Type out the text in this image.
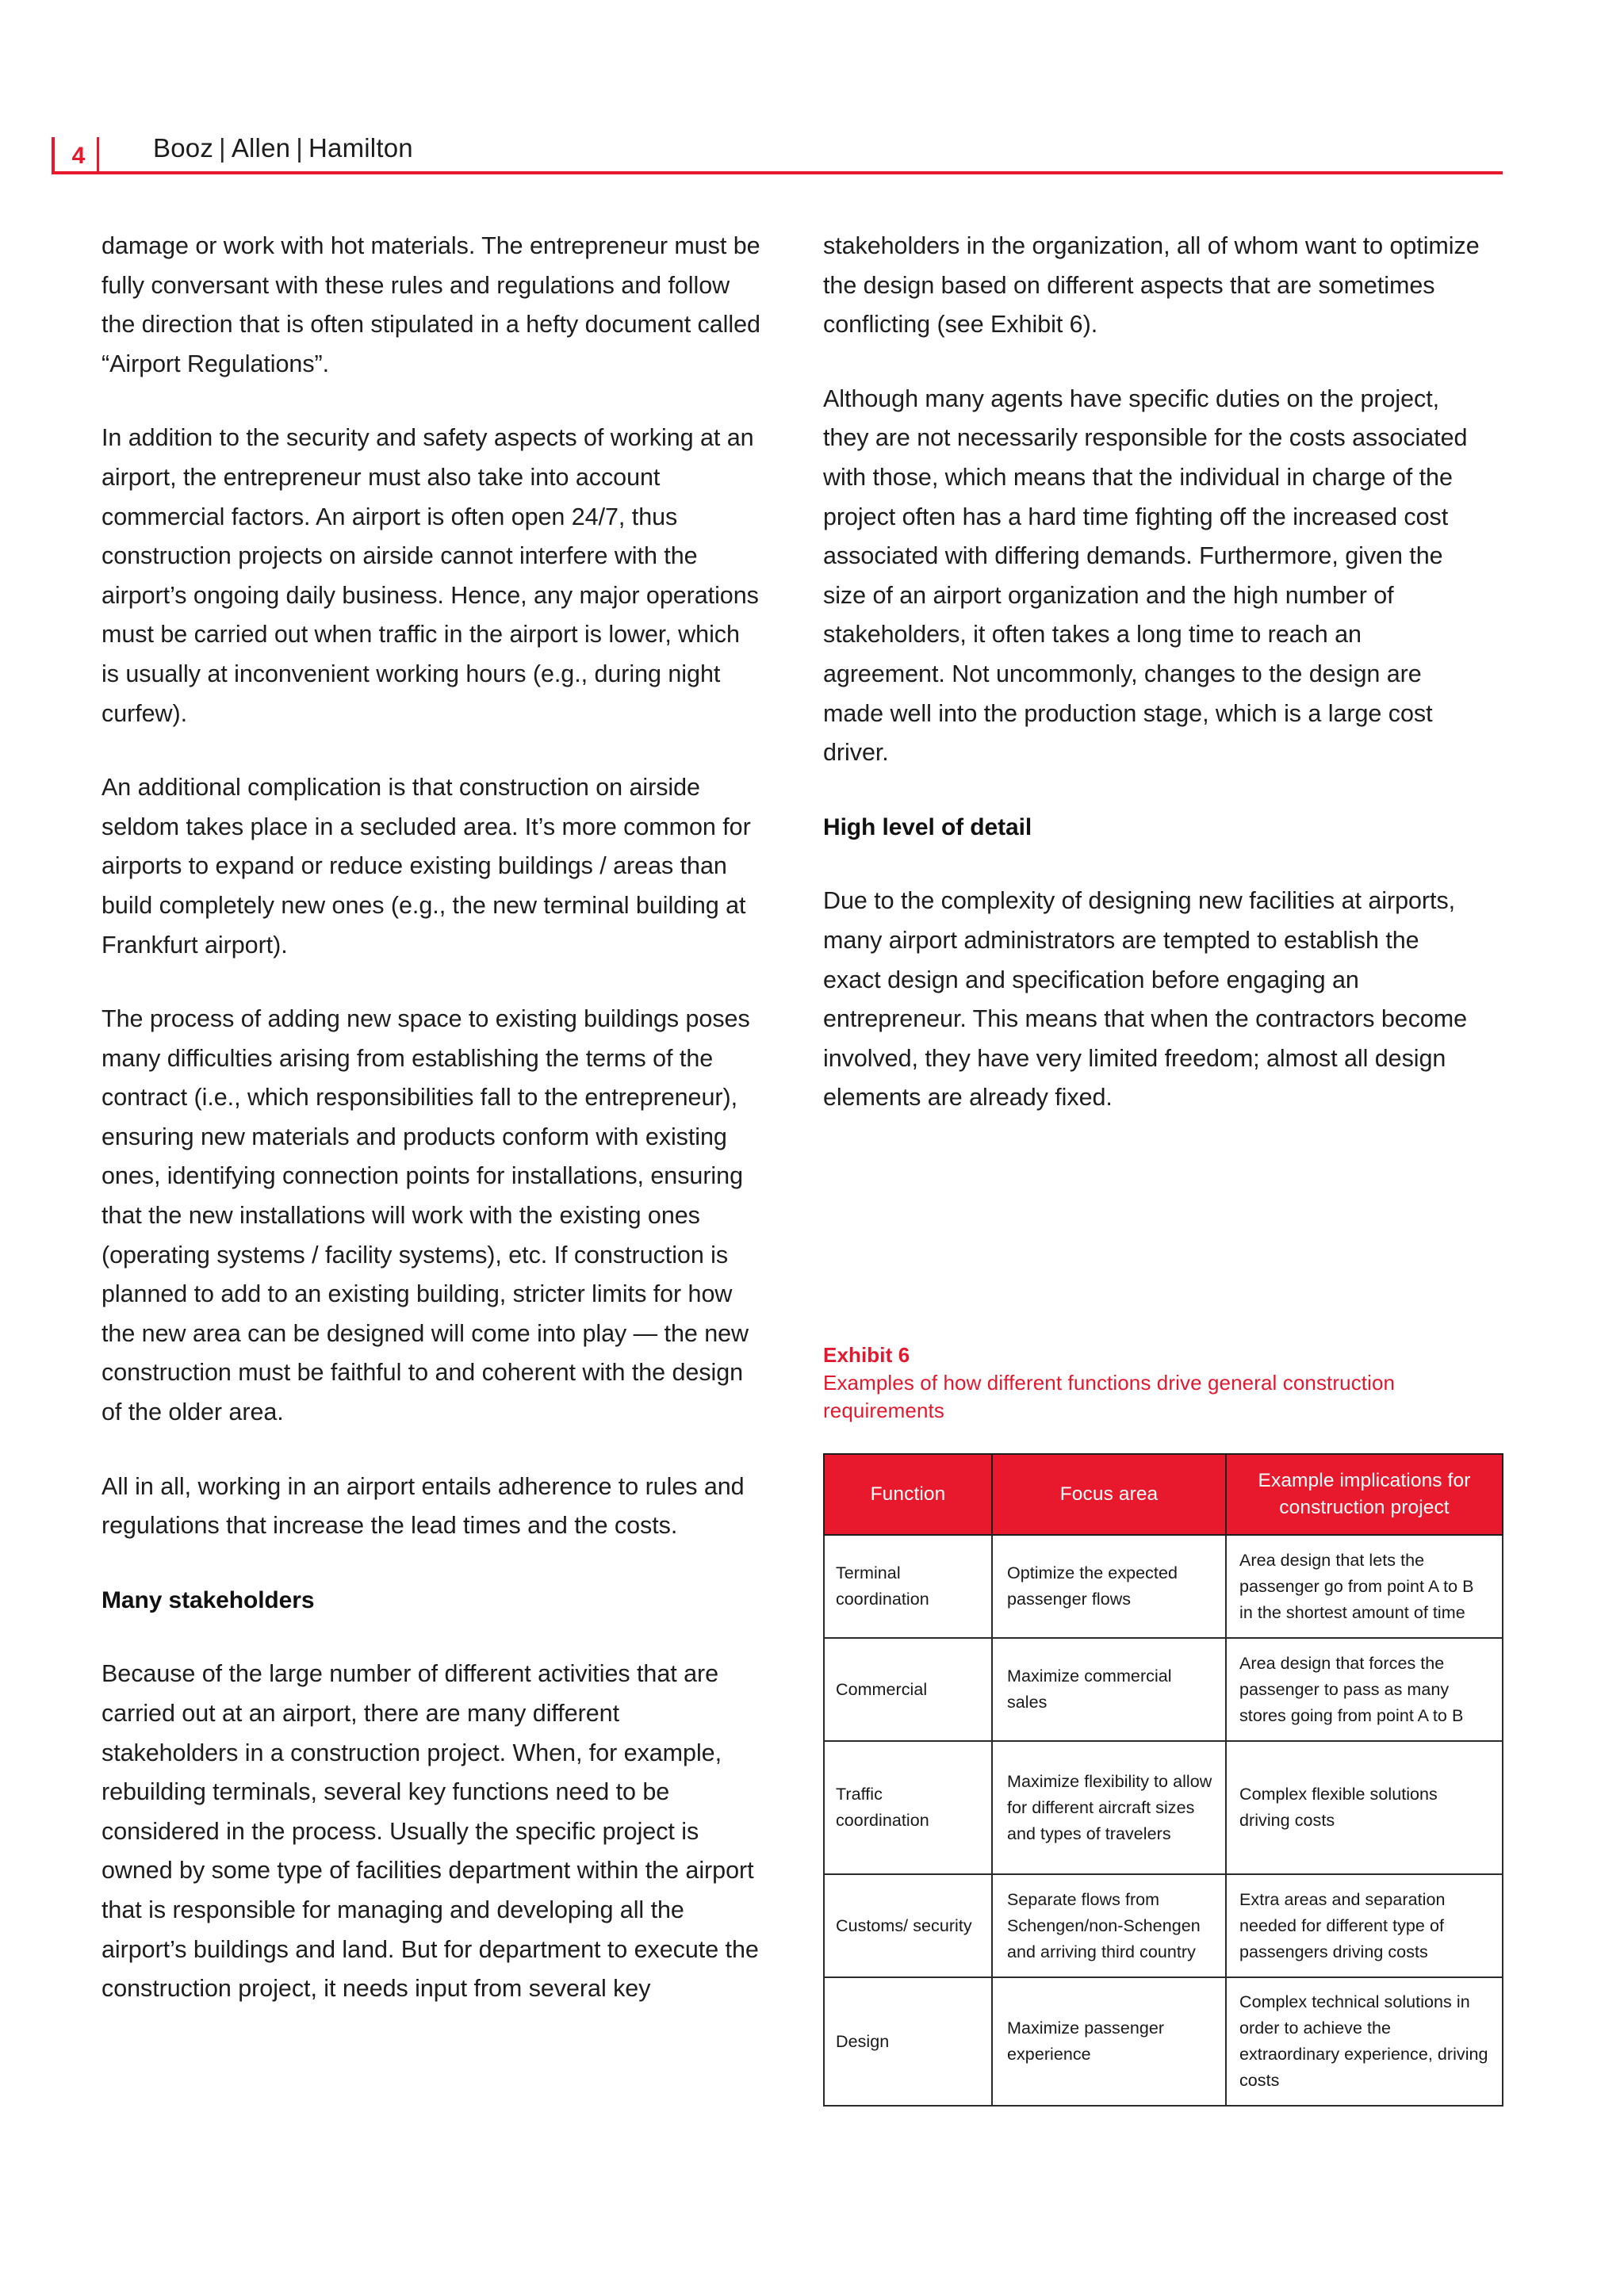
4	Booz | Allen | Hamilton

damage or work with hot materials. The entrepreneur must be fully conversant with these rules and regulations and follow the direction that is often stipulated in a hefty document called “Airport Regulations”.

In addition to the security and safety aspects of working at an airport, the entrepreneur must also take into account commercial factors. An airport is often open 24/7, thus construction projects on airside cannot interfere with the airport’s ongoing daily business. Hence, any major operations must be carried out when traffic in the airport is lower, which is usually at inconvenient working hours (e.g., during night curfew).

An additional complication is that construction on airside seldom takes place in a secluded area. It’s more common for airports to expand or reduce existing buildings / areas than build completely new ones (e.g., the new terminal building at Frankfurt airport).

The process of adding new space to existing buildings poses many difficulties arising from establishing the terms of the contract (i.e., which responsibilities fall to the entrepreneur), ensuring new materials and products conform with existing ones, identifying connection points for installations, ensuring that the new installations will work with the existing ones (operating systems / facility systems), etc. If construction is planned to add to an existing building, stricter limits for how the new area can be designed will come into play — the new construction must be faithful to and coherent with the design of the older area.

All in all, working in an airport entails adherence to rules and regulations that increase the lead times and the costs.

Many stakeholders

Because of the large number of different activities that are carried out at an airport, there are many different stakeholders in a construction project. When, for example, rebuilding terminals, several key functions need to be considered in the process. Usually the specific project is owned by some type of facilities department within the airport that is responsible for managing and developing all the airport’s buildings and land. But for department to execute the construction project, it needs input from several key

stakeholders in the organization, all of whom want to optimize the design based on different aspects that are sometimes conflicting (see Exhibit 6).

Although many agents have specific duties on the project, they are not necessarily responsible for the costs associated with those, which means that the individual in charge of the project often has a hard time fighting off the increased cost associated with differing demands. Furthermore, given the size of an airport organization and the high number of stakeholders, it often takes a long time to reach an agreement. Not uncommonly, changes to the design are made well into the production stage, which is a large cost driver.

High level of detail

Due to the complexity of designing new facilities at airports, many airport administrators are tempted to establish the exact design and specification before engaging an entrepreneur. This means that when the contractors become involved, they have very limited freedom; almost all design elements are already fixed.

Exhibit 6
Examples of how different functions drive general construction requirements
Function	Focus area	Example implications for construction project
Terminal coordination	Optimize the expected passenger flows	Area design that lets the passenger go from point A to B in the shortest amount of time
Commercial	Maximize commercial sales	Area design that forces the passenger to pass as many stores going from point A to B
Traffic coordination	Maximize flexibility to allow for different aircraft sizes and types of travelers	Complex flexible solutions driving costs
Customs/ security	Separate flows from Schengen/non-Schengen and arriving third country	Extra areas and separation needed for different type of passengers driving costs
Design	Maximize passenger experience	Complex technical solutions in order to achieve the extraordinary experience, driving costs
